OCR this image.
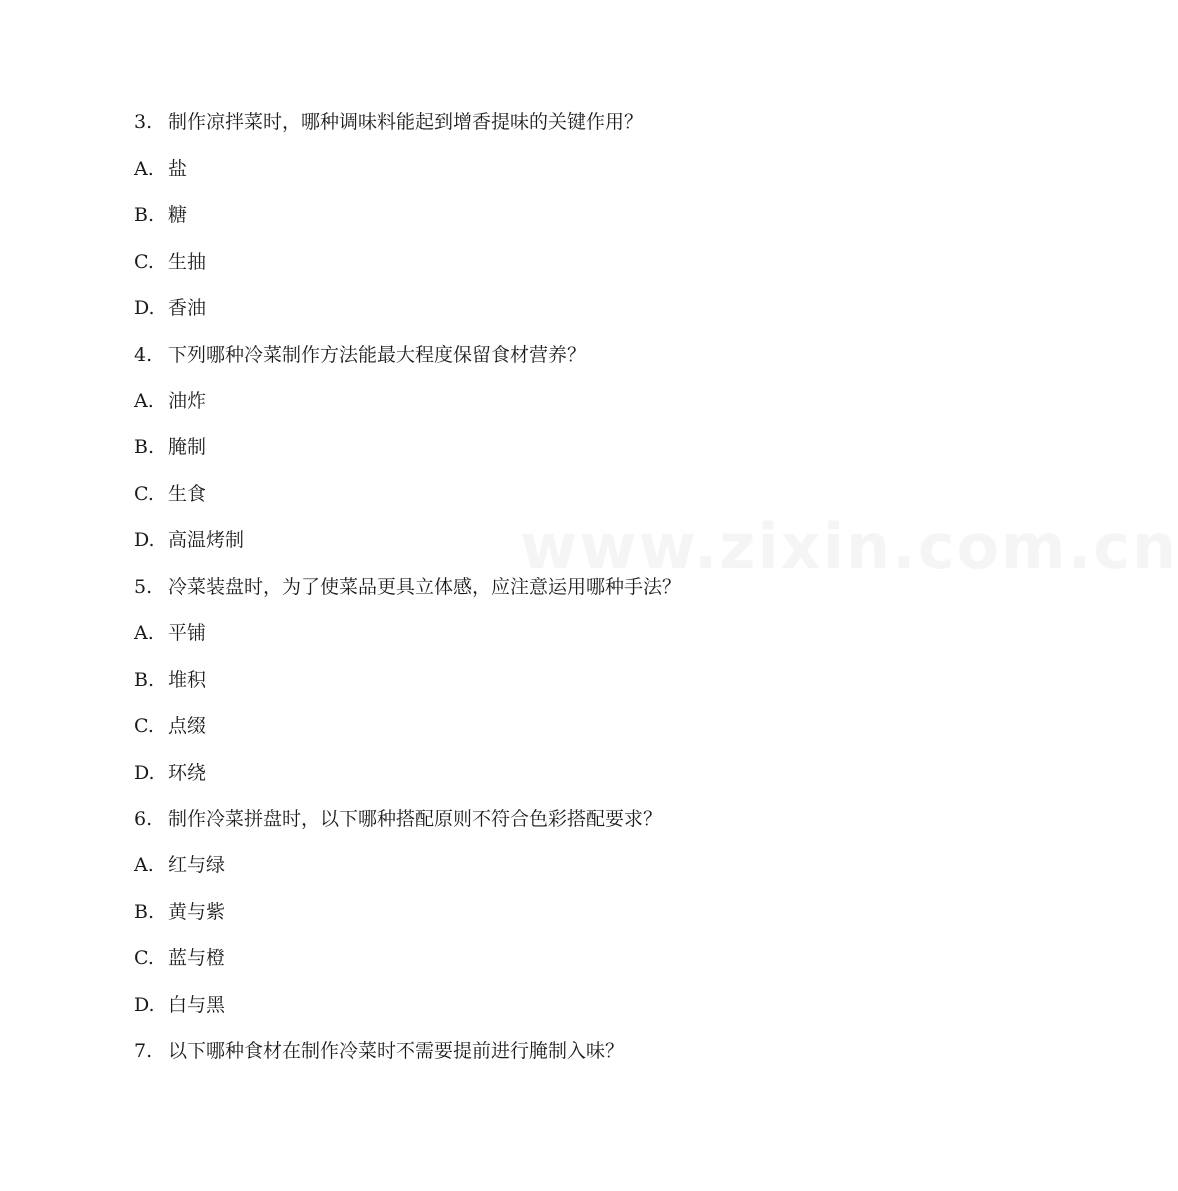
www.zixin.com.cn
3. 制作凉拌菜时，哪种调味料能起到增香提味的关键作用？
A. 盐
B. 糖
C. 生抽
D. 香油
4. 下列哪种冷菜制作方法能最大程度保留食材营养？
A. 油炸
B. 腌制
C. 生食
D. 高温烤制
5. 冷菜装盘时，为了使菜品更具立体感，应注意运用哪种手法？
A. 平铺
B. 堆积
C. 点缀
D. 环绕
6. 制作冷菜拼盘时，以下哪种搭配原则不符合色彩搭配要求？
A. 红与绿
B. 黄与紫
C. 蓝与橙
D. 白与黑
7. 以下哪种食材在制作冷菜时不需要提前进行腌制入味？
